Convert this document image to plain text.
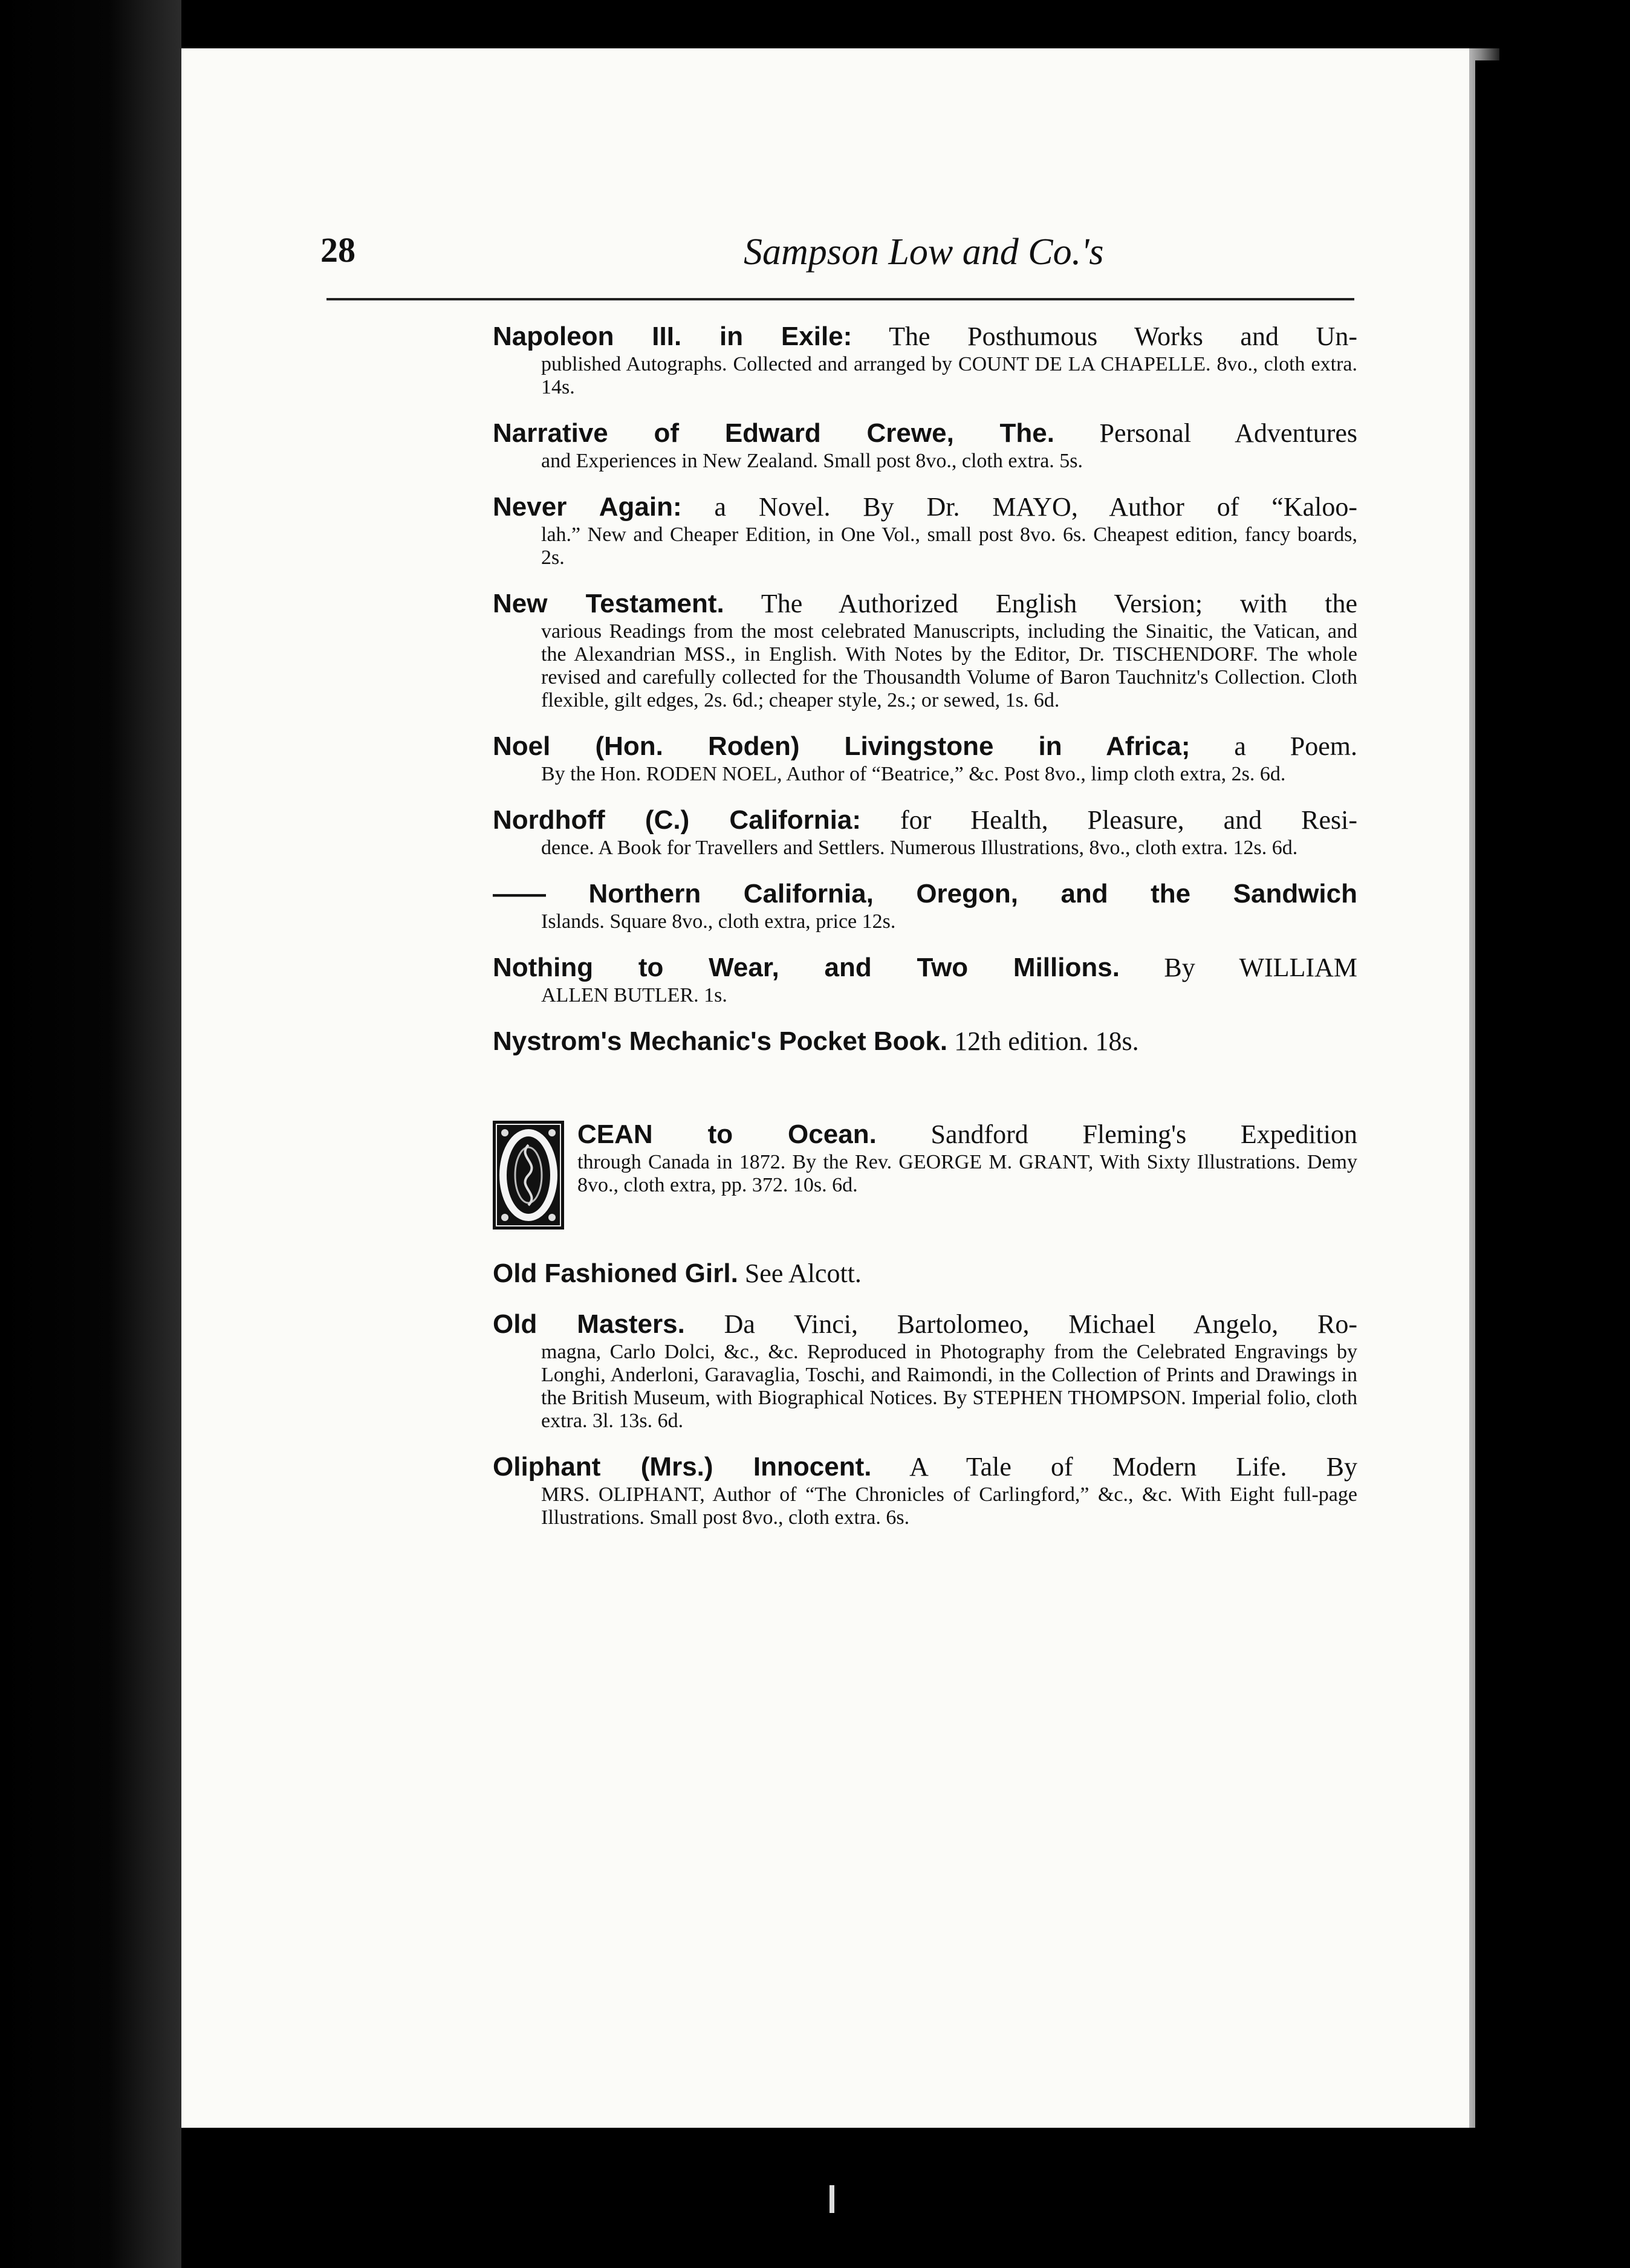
28	Sampson Low and Co.'s
Napoleon III. in Exile: The Posthumous Works and Un-
published Autographs. Collected and arranged by COUNT DE LA CHAPELLE. 8vo., cloth extra. 14s.
Narrative of Edward Crewe, The. Personal Adventures
and Experiences in New Zealand. Small post 8vo., cloth extra. 5s.
Never Again: a Novel. By Dr. MAYO, Author of “Kaloo-
lah.” New and Cheaper Edition, in One Vol., small post 8vo. 6s. Cheapest edition, fancy boards, 2s.
New Testament. The Authorized English Version; with the
various Readings from the most celebrated Manuscripts, including the Sinaitic, the Vatican, and the Alexandrian MSS., in English. With Notes by the Editor, Dr. TISCHENDORF. The whole revised and carefully collected for the Thousandth Volume of Baron Tauchnitz's Collection. Cloth flexible, gilt edges, 2s. 6d.; cheaper style, 2s.; or sewed, 1s. 6d.
Noel (Hon. Roden) Livingstone in Africa; a Poem.
By the Hon. RODEN NOEL, Author of “Beatrice,” &c. Post 8vo., limp cloth extra, 2s. 6d.
Nordhoff (C.) California: for Health, Pleasure, and Resi-
dence. A Book for Travellers and Settlers. Numerous Illustrations, 8vo., cloth extra. 12s. 6d.
—— Northern California, Oregon, and the Sandwich
Islands. Square 8vo., cloth extra, price 12s.
Nothing to Wear, and Two Millions. By WILLIAM
ALLEN BUTLER. 1s.
Nystrom's Mechanic's Pocket Book. 12th edition. 18s.
CEAN to Ocean. Sandford Fleming's Expedition
through Canada in 1872. By the Rev. GEORGE M. GRANT, With Sixty Illustrations. Demy 8vo., cloth extra, pp. 372. 10s. 6d.
Old Fashioned Girl. See Alcott.
Old Masters. Da Vinci, Bartolomeo, Michael Angelo, Ro-
magna, Carlo Dolci, &c., &c. Reproduced in Photography from the Celebrated Engravings by Longhi, Anderloni, Garavaglia, Toschi, and Raimondi, in the Collection of Prints and Drawings in the British Museum, with Biographical Notices. By STEPHEN THOMPSON. Imperial folio, cloth extra. 3l. 13s. 6d.
Oliphant (Mrs.) Innocent. A Tale of Modern Life. By
MRS. OLIPHANT, Author of “The Chronicles of Carlingford,” &c., &c. With Eight full-page Illustrations. Small post 8vo., cloth extra. 6s.
